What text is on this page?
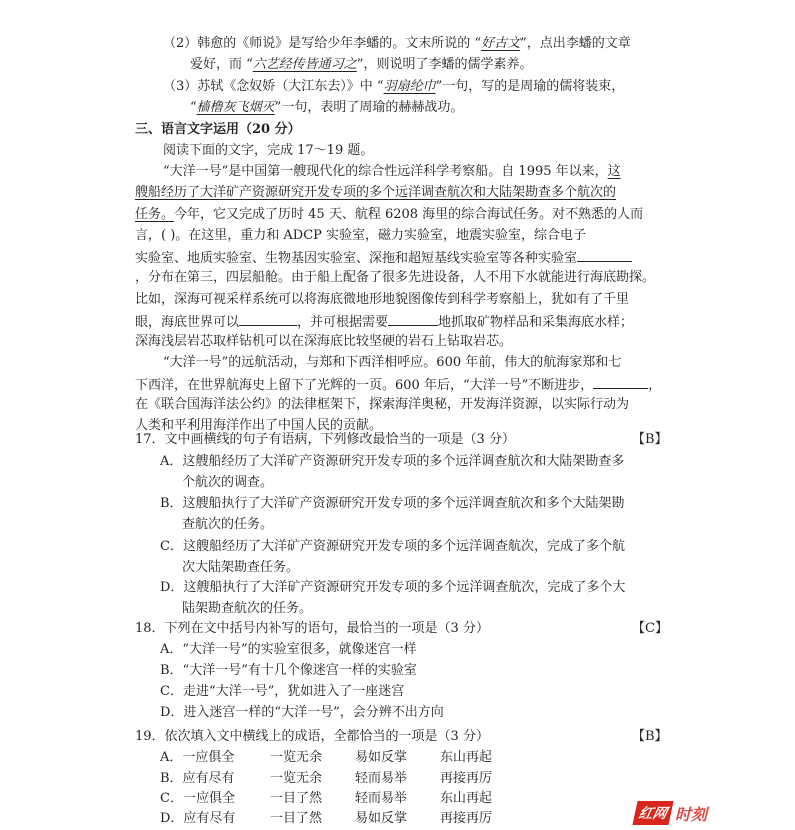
（2）韩愈的《师说》是写给少年李蟠的。文末所说的 “好古文”，点出李蟠的文章
爱好，而 “六艺经传皆通习之”，则说明了李蟠的儒学素养。
（3）苏轼《念奴娇（大江东去）》中 “羽扇纶巾”一句，写的是周瑜的儒将装束，
“樯橹灰飞烟灭”一句，表明了周瑜的赫赫战功。
三、语言文字运用（20 分）
阅读下面的文字，完成 17～19 题。
“大洋一号”是中国第一艘现代化的综合性远洋科学考察船。自 1995 年以来，这
艘船经历了大洋矿产资源研究开发专项的多个远洋调查航次和大陆架勘查多个航次的
任务。今年，它又完成了历时 45 天、航程 6208 海里的综合海试任务。对不熟悉的人而
言，( )。在这里，重力和 ADCP 实验室，磁力实验室，地震实验室，综合电子
实验室、地质实验室、生物基因实验室、深拖和超短基线实验室等各种实验室
，分布在第三，四层船舱。由于船上配备了很多先进设备，人不用下水就能进行海底勘探。
比如，深海可视采样系统可以将海底微地形地貌图像传到科学考察船上，犹如有了千里
眼，海底世界可以	，并可根据需要	地抓取矿物样品和采集海底水样；
深海浅层岩芯取样钻机可以在深海底比较坚硬的岩石上钻取岩芯。
“大洋一号”的远航活动，与郑和下西洋相呼应。600 年前，伟大的航海家郑和七
下西洋，在世界航海史上留下了光辉的一页。600 年后，“大洋一号”不断进步，	，
在《联合国海洋法公约》的法律框架下，探索海洋奥秘，开发海洋资源，以实际行动为
人类和平利用海洋作出了中国人民的贡献。
17．文中画横线的句子有语病，下列修改最恰当的一项是（3 分）	【B】
A．这艘船经历了大洋矿产资源研究开发专项的多个远洋调查航次和大陆架勘查多
个航次的调查。
B．这艘船执行了大洋矿产资源研究开发专项的多个远洋调查航次和多个大陆架勘
查航次的任务。
C．这艘船经历了大洋矿产资源研究开发专项的多个远洋调查航次，完成了多个航
次大陆架勘查任务。
D．这艘船执行了大洋矿产资源研究开发专项的多个远洋调查航次，完成了多个大
陆架勘查航次的任务。
18．下列在文中括号内补写的语句，最恰当的一项是（3 分）	【C】
A．“大洋一号”的实验室很多，就像迷宫一样
B．“大洋一号”有十几个像迷宫一样的实验室
C．走进“大洋一号”，犹如进入了一座迷宫
D．进入迷宫一样的“大洋一号”，会分辨不出方向
19．依次填入文中横线上的成语，全都恰当的一项是（3 分）	【B】
A．一应俱全	一览无余	易如反掌	东山再起
B．应有尽有	一览无余	轻而易举	再接再厉
C．一应俱全	一目了然	轻而易举	东山再起
D．应有尽有	一目了然	易如反掌	再接再厉	红网 时刻
